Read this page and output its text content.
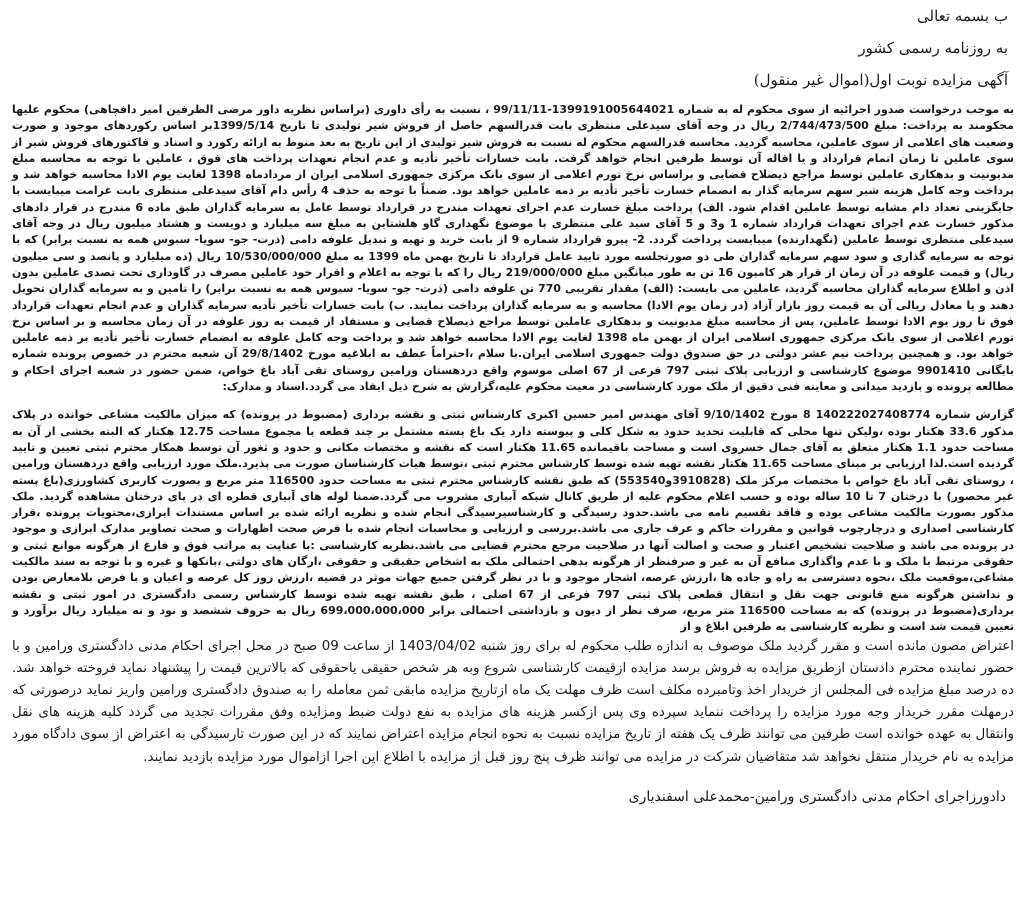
ب بسمه تعالی
به روزنامه رسمی کشور
آگهی مزایده نوبت اول(اموال غیر منقول)

به موجب درخواست صدور اجرائیه از سوی محکوم له به شماره 1399191005644021-99/11/11 ، نسبت به رأی داوری (براساس نظریه داور مرضی الطرفین امیر دافچاهی) محکوم علیها محکومند به پرداخت: مبلغ 2/744/473/500 ریال در وجه آقای سیدعلی منتظری بابت قدرالسهم حاصل از فروش شیر تولیدی تا تاریخ 1399/5/14بر اساس رکوردهای موجود و صورت وضعیت های اعلامی از سوی عاملین، محاسبه گردید. محاسبه قدرالسهم محکوم له نسبت به فروش شیر تولیدی از این تاریخ به بعد منوط به ارائه رکورد و اسناد و فاکتورهای فروش شیر از سوی عاملین تا زمان اتمام قرارداد و یا اقاله آن توسط طرفین انجام خواهد گرفت. بابت خسارات تأخیر تأدیه و عدم انجام تعهدات پرداخت های فوق ، عاملین با توجه به محاسبه مبلغ مدیونیت و بدهکاری عاملین توسط مراجع ذیصلاح قضایی و براساس نرخ تورم اعلامی از سوی بانک مرکزی جمهوری اسلامی ایران از مردادماه 1398 لغایت یوم الادا محاسبه خواهد شد و پرداخت وجه کامل هزینه شیر سهم سرمایه گذار به انضمام خسارت تأخیر تأدیه بر ذمه عاملین خواهد بود. ضمناً با توجه به حذف 4 رأس دام آقای سیدعلی منتظری بابت غرامت میبایست با جایگزینی تعداد دام مشابه توسط عاملین اقدام شود. الف) پرداخت مبلغ خسارت عدم اجرای تعهدات مندرج در قرارداد توسط عامل به سرمایه گذاران طبق ماده 6 مندرج در قرار دادهای مذکور خسارت عدم اجرای تعهدات قرارداد شماره 1 و3 و 5 آقای سید علی منتظری با موضوع نگهداری گاو هلشتاین به مبلغ سه میلیارد و دویست و هشتاد میلیون ریال در وجه آقای سیدعلی منتظری توسط عاملین (نگهدارنده) میبایست پرداخت گردد. 2- پیرو قرارداد شماره 9 از بابت خرید و تهیه و تبدیل علوفه دامی (ذرت- جو- سویا- سبوس همه به نسبت برابر) که با توجه به سرمایه گذاری و سود سهم سرمایه گذاران طی دو صورتجلسه مورد تایید عامل قرارداد تا تاریخ بهمن ماه 1399 به مبلغ 10/530/000/000 ریال (ده میلیارد و پانصد و سی میلیون ریال) و قیمت علوفه در آن زمان از قرار هر کامیون 16 تن به طور میانگین مبلغ 219/000/000 ریال را که با توجه به اعلام و اقرار خود عاملین مصرف در گاوداری تحت تصدی عاملین بدون اذن و اطلاع سرمایه گذاران محاسبه گردید، عاملین می بایست: (الف) مقدار تقریبی 770 تن علوفه دامی (ذرت- جو- سویا- سبوس همه به نسبت برابر) را تامین و به سرمایه گذاران تحویل دهند و یا معادل ریالی آن به قیمت روز بازار آزاد (در زمان یوم الادا) محاسبه و به سرمایه گذاران پرداخت نمایند. ب) بابت خسارات تأخیر تأدیه سرمایه گذاران و عدم انجام تعهدات قرارداد فوق تا روز یوم الادا توسط عاملین، پس از محاسبه مبلغ مدیونیت و بدهکاری عاملین توسط مراجع ذیصلاح قضایی و مستفاد از قیمت به روز علوفه در آن زمان محاسبه و بر اساس نرخ تورم اعلامی از سوی بانک مرکزی جمهوری اسلامی ایران از بهمن ماه 1398 لغایت یوم الادا محاسبه خواهد شد و پرداخت وجه کامل علوفه به انضمام خسارت تأخیر تأدیه بر ذمه عاملین خواهد بود. و همچنین پرداخت نیم عشر دولتی در حق صندوق دولت جمهوری اسلامی ایران.با سلام ،احتراماً عطف به ابلاغیه مورخ 29/8/1402 آن شعبه محترم در خصوص پرونده شماره بایگانی 9901410 موضوع کارشناسی و ارزیابی پلاک ثبتی 797 فرعی از 67 اصلی موسوم واقع دردهستان ورامین روستای تقی آباد باغ خواص، ضمن حضور در شعبه اجرای احکام و مطالعه پرونده و بازدید میدانی و معاینه فنی دقیق از ملک مورد کارشناسی در معیت محکوم علیه،گزارش به شرح ذیل ایفاد می گردد.اسناد و مدارک:

گزارش شماره 140222027408774 8 مورخ 9/10/1402 آقای مهندس امیر حسین اکبری کارشناس ثبتی و نقشه برداری (مضبوط در پرونده) که میزان مالکیت مشاعی خوانده در پلاک مذکور 33.6 هکتار بوده ،ولیکن تنها محلی که قابلیت تحدید حدود به شکل کلی و پیوسته دارد یک باغ پسته مشتمل بر چند قطعه با مجموع مساحت 12.75 هکتار که البته بخشی از آن به مساحت حدود 1.1 هکتار متعلق به آقای جمال خسروی است و مساحت باقیمانده 11.65 هکتار است که نقشه و مختصات مکانی و حدود و ثغور آن توسط همکار محترم ثبتی تعیین و تایید گردیده است.لذا ارزیابی بر مبنای مساحت 11.65 هکتار نقشه تهیه شده توسط کارشناس محترم ثبتی ،توسط هیات کارشناسان صورت می پذیرد.ملک مورد ارزیابی واقع دردهستان ورامین ، روستای تقی آباد باغ خواص با مختصات مرکز ملک (3910828و553540) که طبق نقشه کارشناس محترم ثبتی به مساحت حدود 116500 متر مربع و بصورت کاربری کشاورزی(باغ پسته غیر محصور) با درختان 7 تا 10 ساله بوده و حسب اعلام محکوم علیه از طریق کانال شبکه آبیاری مشروب می گردد.ضمنا لوله های آبیاری قطره ای در پای درختان مشاهده گردید. ملک مذکور بصورت مالکیت مشاعی بوده و فاقد تقسیم نامه می باشد.حدود رسیدگی و کارشناسیرسیدگی انجام شده و نظریه ارائه شده بر اساس مستندات ابرازی،محتویات پرونده ،قرار کارشناسی اصداری و درچارچوب قوانین و مقررات حاکم و عرف جاری می باشد.بررسی و ارزیابی و محاسبات انجام شده با فرض صحت اظهارات و صحت تصاویر مدارک ابرازی و موجود در پرونده می باشد و صلاحیت تشخیص اعتبار و صحت و اصالت آنها در صلاحیت مرجع محترم قضایی می باشد.نظریه کارشناسی :با عنایت به مراتب فوق و فارغ از هرگونه موانع ثبتی و حقوقی مرتبط با ملک و با عدم واگذاری منافع آن به غیر و صرفنظر از هرگونه بدهی احتمالی ملک به اشخاص حقیقی و حقوقی ،ارگان های دولتی ،بانکها و غیره و با توجه به سند مالکیت مشاعی،موقعیت ملک ،نحوه دسترسی به راه و جاده ها ،ارزش عرصه، اشجار موجود و با در نظر گرفتن جمیع جهات موثر در قضیه ،ارزش روز کل عرصه و اعیان و با فرض بلامعارض بودن و نداشتن هرگونه منع قانونی جهت نقل و انتقال قطعی پلاک ثبتی 797 فرعی از 67 اصلی ، طبق نقشه تهیه شده توسط کارشناس رسمی دادگستری در امور ثبتی و نقشه برداری(مضبوط در پرونده) که به مساحت 116500 متر مربع، صرف نظر از دیون و بازداشتی احتمالی برابر 699،000،000،000 ریال به حروف ششصد و نود و نه میلیارد ریال برآورد و تعیین قیمت شد است و نظریه کارشناسی به طرفین ابلاغ و از

اعتراض مصون مانده است و مقرر گردید ملک موصوف به اندازه طلب محکوم له برای روز شنبه 1403/04/02 از ساعت 09 صبح در محل اجرای احکام مدنی دادگستری ورامین و با حضور نماینده محترم دادستان ازطریق مزایده به فروش برسد مزایده ازقیمت کارشناسی شروع وبه هر شخص حقیقی یاحقوقی که بالاترین قیمت را پیشنهاد نماید فروخته خواهد شد. ده درصد مبلغ مزایده فی المجلس از خریدار اخذ وتامبرده مکلف است ظرف مهلت یک ماه ازتاریخ مزایده مابقی ثمن معامله را به صندوق دادگستری ورامین واریز نماید درصورتی که درمهلت مقرر خریدار وجه مورد مزایده را پرداخت ننماید سپرده وی پس ازکسر هزینه های مزایده به نفع دولت ضبط ومزایده وفق مقررات تجدید می گردد کلیه هزینه های نقل وانتقال به عهده خوانده است طرفین می توانند ظرف یک هفته از تاریخ مزایده نسبت به نحوه انجام مزایده اعتراض نمایند که در این صورت تارسیدگی به اعتراض از سوی دادگاه مورد مزایده به نام خریدار منتقل نخواهد شد متقاضیان شرکت در مزایده می توانند ظرف پنج روز قبل از مزایده با اطلاع این اجرا ازاموال مورد مزایده بازدید نمایند.

دادورزاجرای احکام مدنی دادگستری ورامین-محمدعلی اسفندیاری
